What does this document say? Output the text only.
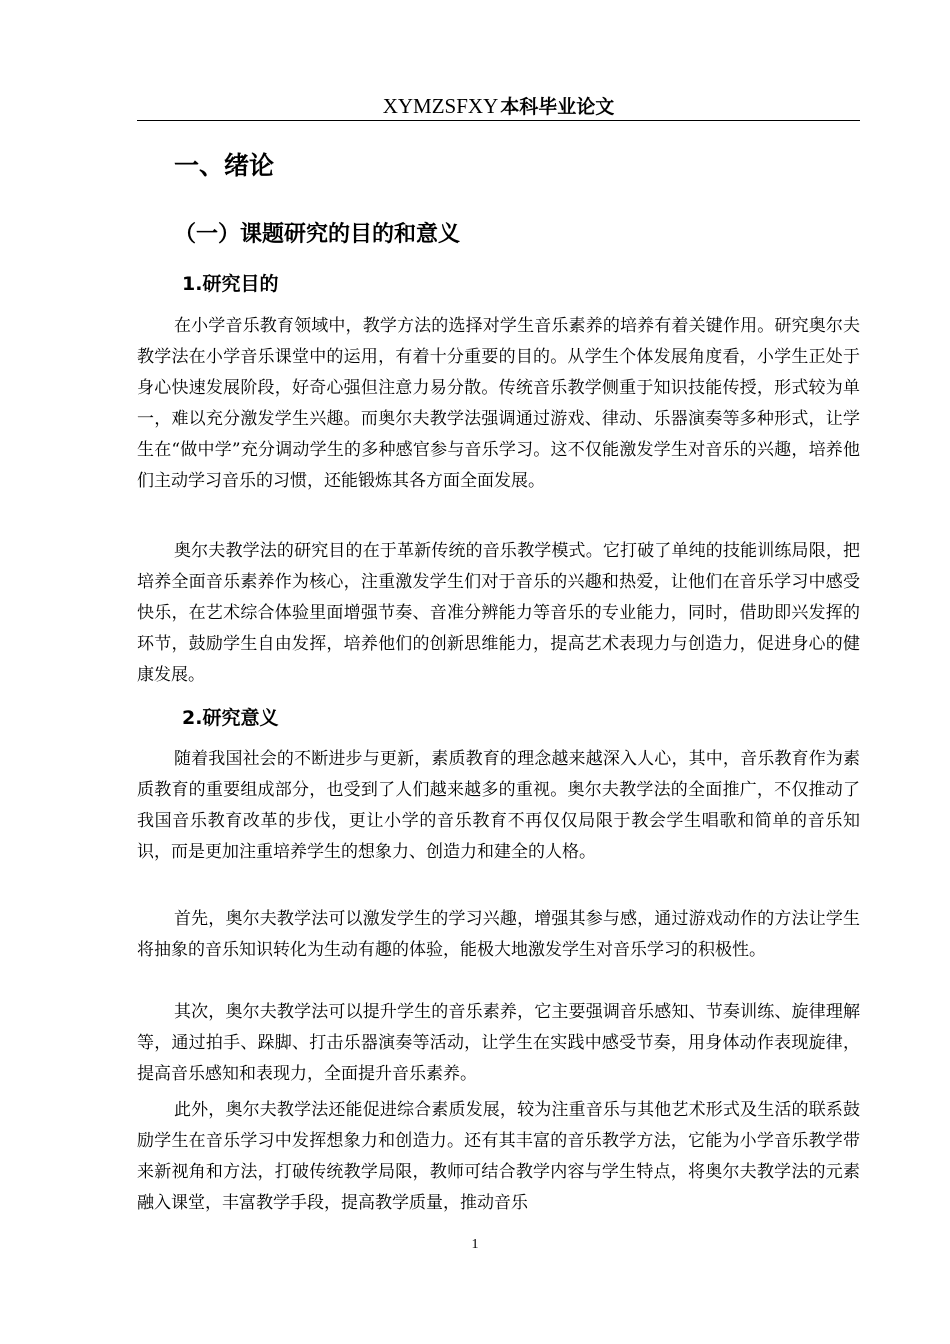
XYMZSFXY 本科毕业论文
一、绪论
（一）课题研究的目的和意义
1.研究目的

在小学音乐教育领域中，教学方法的选择对学生音乐素养的培养有着关键作用。研究奥尔夫教学法在小学音乐课堂中的运用，有着十分重要的目的。从学生个体发展角度看，小学生正处于身心快速发展阶段，好奇心强但注意力易分散。传统音乐教学侧重于知识技能传授，形式较为单一，难以充分激发学生兴趣。而奥尔夫教学法强调通过游戏、律动、乐器演奏等多种形式，让学生在“做中学”充分调动学生的多种感官参与音乐学习。这不仅能激发学生对音乐的兴趣，培养他们主动学习音乐的习惯，还能锻炼其各方面全面发展。

奥尔夫教学法的研究目的在于革新传统的音乐教学模式。它打破了单纯的技能训练局限，把培养全面音乐素养作为核心，注重激发学生们对于音乐的兴趣和热爱，让他们在音乐学习中感受快乐，在艺术综合体验里面增强节奏、音准分辨能力等音乐的专业能力，同时，借助即兴发挥的环节，鼓励学生自由发挥，培养他们的创新思维能力，提高艺术表现力与创造力，促进身心的健康发展。

2.研究意义

随着我国社会的不断进步与更新，素质教育的理念越来越深入人心，其中，音乐教育作为素质教育的重要组成部分，也受到了人们越来越多的重视。奥尔夫教学法的全面推广，不仅推动了我国音乐教育改革的步伐，更让小学的音乐教育不再仅仅局限于教会学生唱歌和简单的音乐知识，而是更加注重培养学生的想象力、创造力和建全的人格。

首先，奥尔夫教学法可以激发学生的学习兴趣，增强其参与感，通过游戏动作的方法让学生将抽象的音乐知识转化为生动有趣的体验，能极大地激发学生对音乐学习的积极性。

其次，奥尔夫教学法可以提升学生的音乐素养，它主要强调音乐感知、节奏训练、旋律理解等，通过拍手、跺脚、打击乐器演奏等活动，让学生在实践中感受节奏，用身体动作表现旋律，提高音乐感知和表现力，全面提升音乐素养。

此外，奥尔夫教学法还能促进综合素质发展，较为注重音乐与其他艺术形式及生活的联系鼓励学生在音乐学习中发挥想象力和创造力。还有其丰富的音乐教学方法，它能为小学音乐教学带来新视角和方法，打破传统教学局限，教师可结合教学内容与学生特点，将奥尔夫教学法的元素融入课堂，丰富教学手段，提高教学质量，推动音乐

1
